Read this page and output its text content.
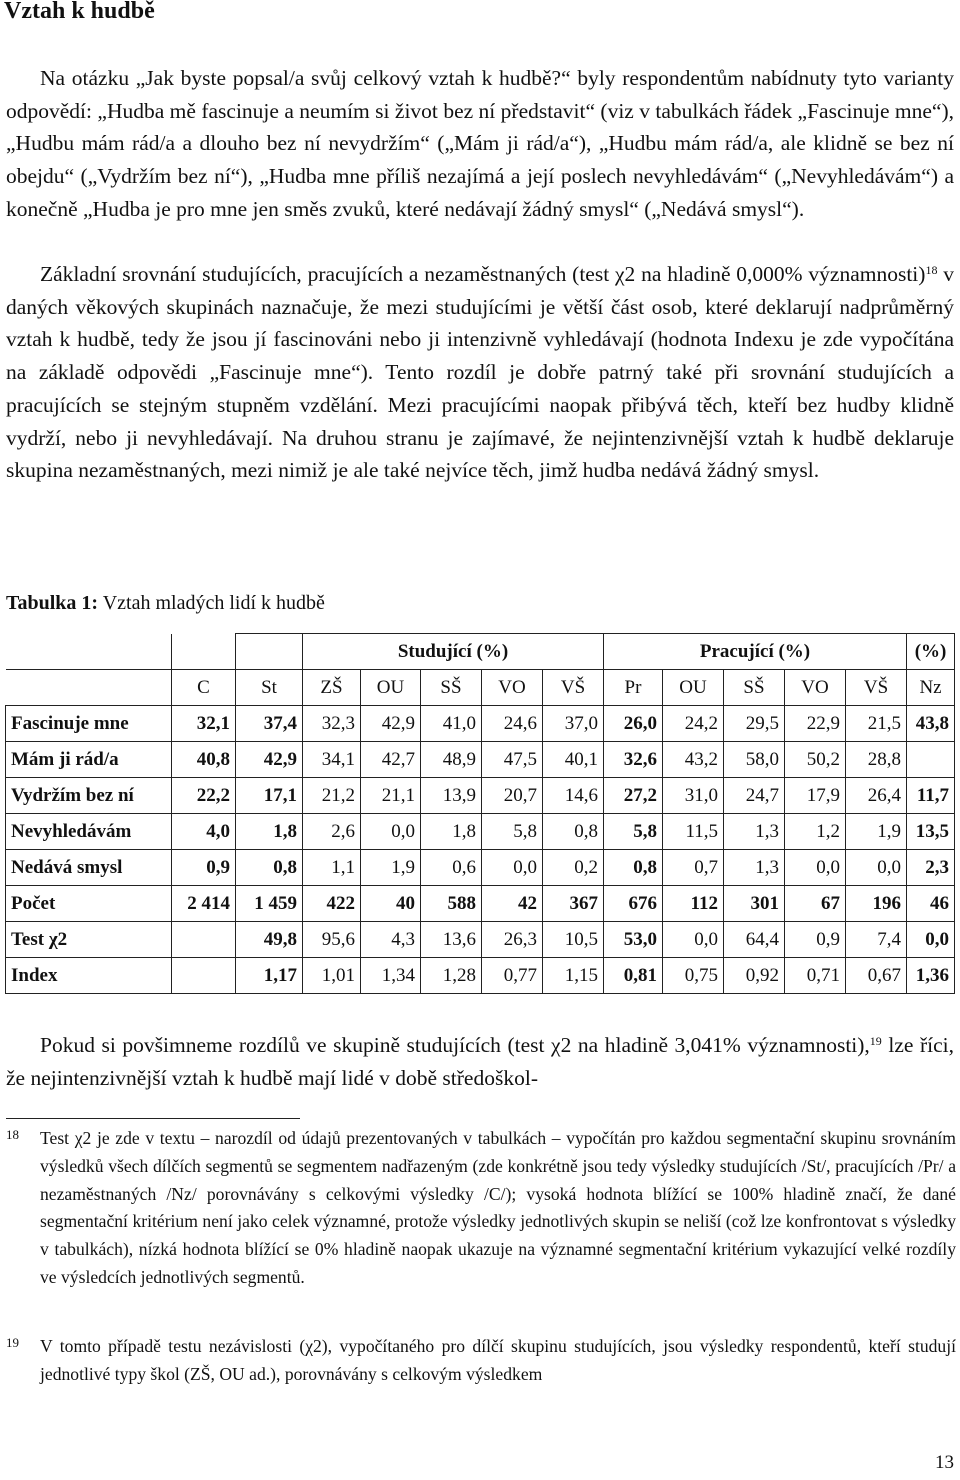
Vztah k hudbě

Na otázku „Jak byste popsal/a svůj celkový vztah k hudbě?“ byly respondentům nabídnuty tyto varianty odpovědí: „Hudba mě fascinuje a neumím si život bez ní představit“ (viz v tabulkách řádek „Fascinuje mne“), „Hudbu mám rád/a a dlouho bez ní nevydržím“ („Mám ji rád/a“), „Hudbu mám rád/a, ale klidně se bez ní obejdu“ („Vydržím bez ní“), „Hudba mne příliš nezajímá a její poslech nevyhledávám“ („Nevyhledávám“) a konečně „Hudba je pro mne jen směs zvuků, které nedávají žádný smysl“ („Nedává smysl“).

Základní srovnání studujících, pracujících a nezaměstnaných (test χ2 na hladině 0,000% významnosti)$^{18}$ v daných věkových skupinách naznačuje, že mezi studujícími je větší část osob, které deklarují nadprůměrný vztah k hudbě, tedy že jsou jí fascinováni nebo ji intenzivně vyhledávají (hodnota Indexu je zde vypočítána na základě odpovědi „Fascinuje mne“). Tento rozdíl je dobře patrný také při srovnání studujících a pracujících se stejným stupněm vzdělání. Mezi pracujícími naopak přibývá těch, kteří bez hudby klidně vydrží, nebo ji nevyhledávají. Na druhou stranu je zajímavé, že nejintenzivnější vztah k hudbě deklaruje skupina nezaměstnaných, mezi nimiž je ale také nejvíce těch, jimž hudba nedává žádný smysl.

Tabulka 1: Vztah mladých lidí k hudbě
			Studující (%)					Pracující (%)					(%)
	C	St	ZŠ	OU	SŠ	VO	VŠ	Pr	OU	SŠ	VO	VŠ	Nz
Fascinuje mne	32,1	37,4	32,3	42,9	41,0	24,6	37,0	26,0	24,2	29,5	22,9	21,5	43,8
Mám ji rád/a	40,8	42,9	34,1	42,7	48,9	47,5	40,1	32,6	43,2	58,0	50,2	28,8	
Vydržím bez ní	22,2	17,1	21,2	21,1	13,9	20,7	14,6	27,2	31,0	24,7	17,9	26,4	11,7
Nevyhledávám	4,0	1,8	2,6	0,0	1,8	5,8	0,8	5,8	11,5	1,3	1,2	1,9	13,5
Nedává smysl	0,9	0,8	1,1	1,9	0,6	0,0	0,2	0,8	0,7	1,3	0,0	0,0	2,3
Počet	2 414	1 459	422	40	588	42	367	676	112	301	67	196	46
Test χ2		49,8	95,6	4,3	13,6	26,3	10,5	53,0	0,0	64,4	0,9	7,4	0,0
Index		1,17	1,01	1,34	1,28	0,77	1,15	0,81	0,75	0,92	0,71	0,67	1,36

Pokud si povšimneme rozdílů ve skupině studujících (test χ2 na hladině 3,041% významnosti),$^{19}$ lze říci, že nejintenzivnější vztah k hudbě mají lidé v době středoškol-

18 Test χ2 je zde v textu – narozdíl od údajů prezentovaných v tabulkách – vypočítán pro každou segmentační skupinu srovnáním výsledků všech dílčích segmentů se segmentem nadřazeným (zde konkrétně jsou tedy výsledky studujících /St/, pracujících /Pr/ a nezaměstnaných /Nz/ porovnávány s celkovými výsledky /C/); vysoká hodnota blížící se 100% hladině značí, že dané segmentační kritérium není jako celek významné, protože výsledky jednotlivých skupin se neliší (což lze konfrontovat s výsledky v tabulkách), nízká hodnota blížící se 0% hladině naopak ukazuje na významné segmentační kritérium vykazující velké rozdíly ve výsledcích jednotlivých segmentů.
19 V tomto případě testu nezávislosti (χ2), vypočítaného pro dílčí skupinu studujících, jsou výsledky respondentů, kteří studují jednotlivé typy škol (ZŠ, OU ad.), porovnávány s celkovým výsledkem
13
